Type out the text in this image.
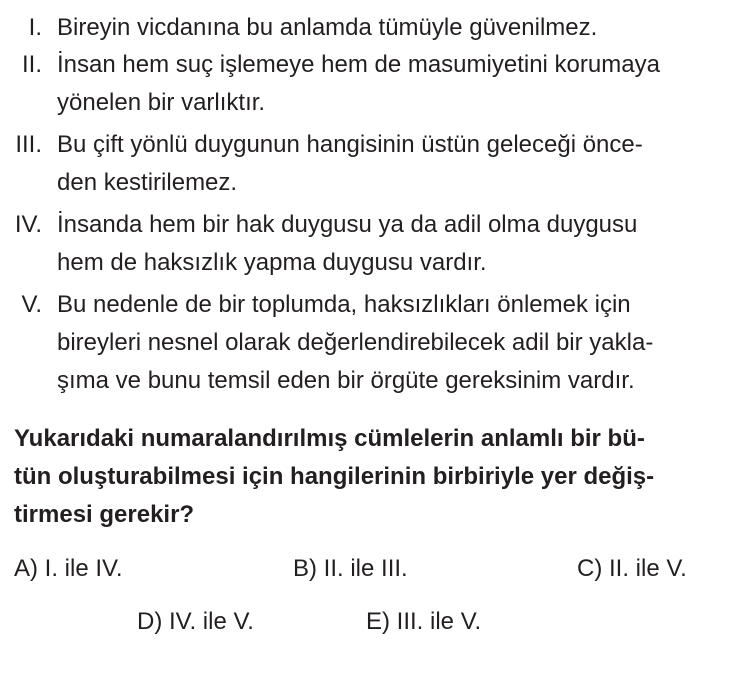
I. Bireyin vicdanına bu anlamda tümüyle güvenilmez.
II. İnsan hem suç işlemeye hem de masumiyetini korumaya
yönelen bir varlıktır.
III. Bu çift yönlü duygunun hangisinin üstün geleceği önce-
den kestirilemez.
IV. İnsanda hem bir hak duygusu ya da adil olma duygusu
hem de haksızlık yapma duygusu vardır.
V. Bu nedenle de bir toplumda, haksızlıkları önlemek için
bireyleri nesnel olarak değerlendirebilecek adil bir yakla-
şıma ve bunu temsil eden bir örgüte gereksinim vardır.
Yukarıdaki numaralandırılmış cümlelerin anlamlı bir bü-
tün oluşturabilmesi için hangilerinin birbiriyle yer değiş-
tirmesi gerekir?
A) I. ile IV.	B) II. ile III.	C) II. ile V.
D) IV. ile V.	E) III. ile V.
